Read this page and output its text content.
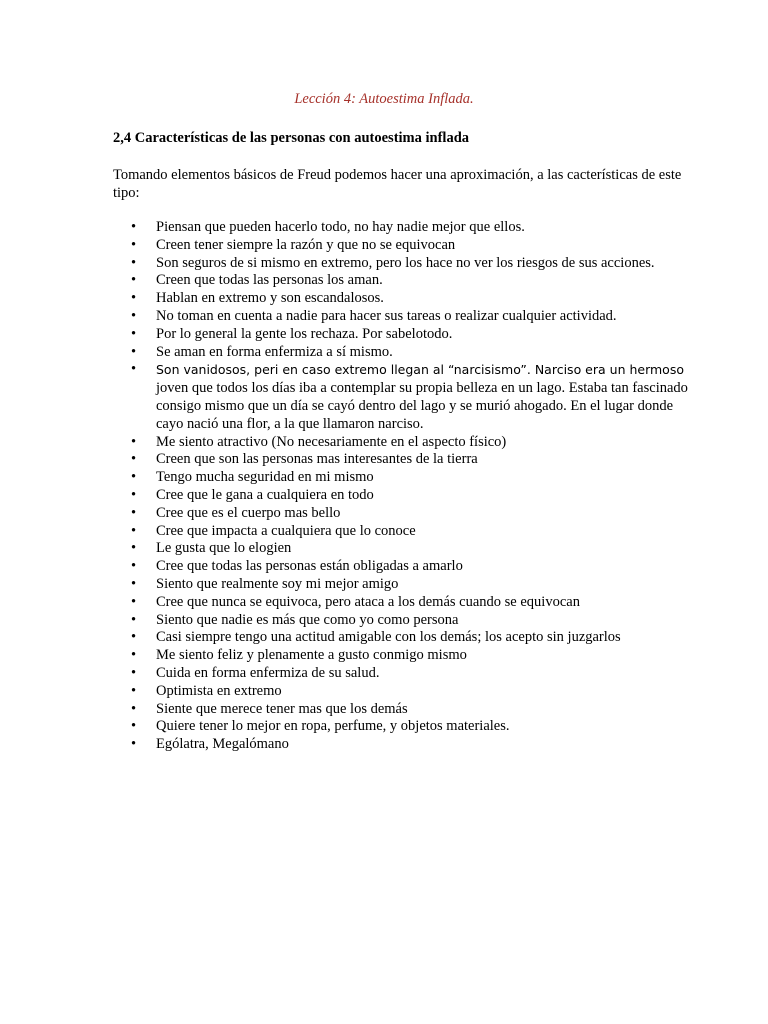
Lección 4: Autoestima Inflada.

2,4 Características de las personas con autoestima inflada

Tomando elementos básicos de Freud podemos hacer una aproximación, a las cacterísticas de este tipo:

• Piensan que pueden hacerlo todo, no hay nadie mejor que ellos.
• Creen tener siempre la razón y que no se equivocan
• Son seguros de si mismo en extremo, pero los hace no ver los riesgos de sus acciones.
• Creen que todas las personas los aman.
• Hablan en extremo y son escandalosos.
• No toman en cuenta a nadie para hacer sus tareas o realizar cualquier actividad.
• Por lo general la gente los rechaza. Por sabelotodo.
• Se aman en forma enfermiza a sí mismo.
• Son vanidosos, peri en caso extremo llegan al “narcisismo”. Narciso era un hermoso joven que todos los días iba a contemplar su propia belleza en un lago. Estaba tan fascinado consigo mismo que un día se cayó dentro del lago y se murió ahogado. En el lugar donde cayo nació una flor, a la que llamaron narciso.
• Me siento atractivo (No necesariamente en el aspecto físico)
• Creen que son las personas mas interesantes de la tierra
• Tengo mucha seguridad en mi mismo
• Cree que le gana a cualquiera en todo
• Cree que es el cuerpo mas bello
• Cree que impacta a cualquiera que lo conoce
• Le gusta que lo elogien
• Cree que todas las personas están obligadas a amarlo
• Siento que realmente soy mi mejor amigo
• Cree que nunca se equivoca, pero ataca a los demás cuando se equivocan
• Siento que nadie es más que como yo como persona
• Casi siempre tengo una actitud amigable con los demás; los acepto sin juzgarlos
• Me siento feliz y plenamente a gusto conmigo mismo
• Cuida en forma enfermiza de su salud.
• Optimista en extremo
• Siente que merece tener mas que los demás
• Quiere tener lo mejor en ropa, perfume, y objetos materiales.
• Ególatra, Megalómano
